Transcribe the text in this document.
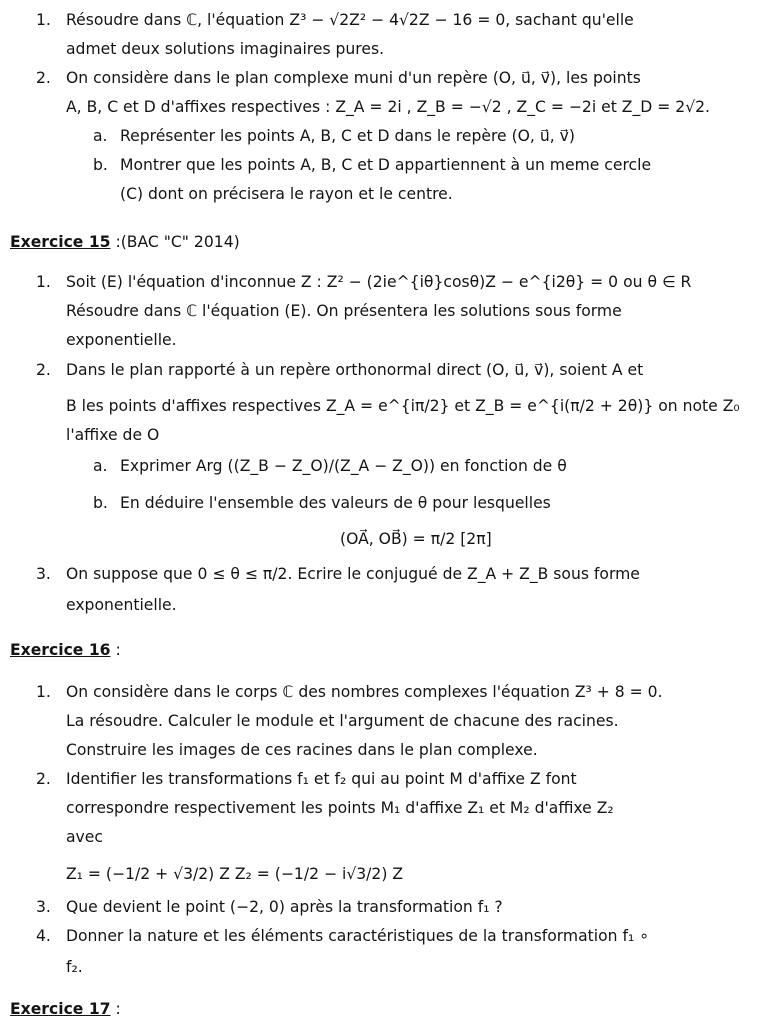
1. Résoudre dans ℂ, l'équation Z³ − √2Z² − 4√2Z − 16 = 0, sachant qu'elle
admet deux solutions imaginaires pures.
2. On considère dans le plan complexe muni d'un repère (O, u⃗, v⃗), les points
A, B, C et D d'affixes respectives : Z_A = 2i , Z_B = −√2 , Z_C = −2i et Z_D = 2√2.
a. Représenter les points A, B, C et D dans le repère (O, u⃗, v⃗)
b. Montrer que les points A, B, C et D appartiennent à un meme cercle
(C) dont on précisera le rayon et le centre.
Exercice 15 :(BAC "C" 2014)
1. Soit (E) l'équation d'inconnue Z : Z² − (2ie^{iθ}cosθ)Z − e^{i2θ} = 0 ou θ ∈ R
Résoudre dans ℂ l'équation (E). On présentera les solutions sous forme
exponentielle.
2. Dans le plan rapporté à un repère orthonormal direct (O, u⃗, v⃗), soient A et
B les points d'affixes respectives Z_A = e^{iπ/2} et Z_B = e^{i(π/2 + 2θ)} on note Z₀
l'affixe de O
a. Exprimer Arg ((Z_B − Z_O)/(Z_A − Z_O)) en fonction de θ
b. En déduire l'ensemble des valeurs de θ pour lesquelles
(OA⃗, OB⃗) = π/2 [2π]
3. On suppose que 0 ≤ θ ≤ π/2. Ecrire le conjugué de Z_A + Z_B sous forme
exponentielle.
Exercice 16 :
1. On considère dans le corps ℂ des nombres complexes l'équation Z³ + 8 = 0.
La résoudre. Calculer le module et l'argument de chacune des racines.
Construire les images de ces racines dans le plan complexe.
2. Identifier les transformations f₁ et f₂ qui au point M d'affixe Z font
correspondre respectivement les points M₁ d'affixe Z₁ et M₂ d'affixe Z₂
avec
Z₁ = (−1/2 + √3/2) Z Z₂ = (−1/2 − i√3/2) Z
3. Que devient le point (−2, 0) après la transformation f₁ ?
4. Donner la nature et les éléments caractéristiques de la transformation f₁ ∘
f₂.
Exercice 17 :
